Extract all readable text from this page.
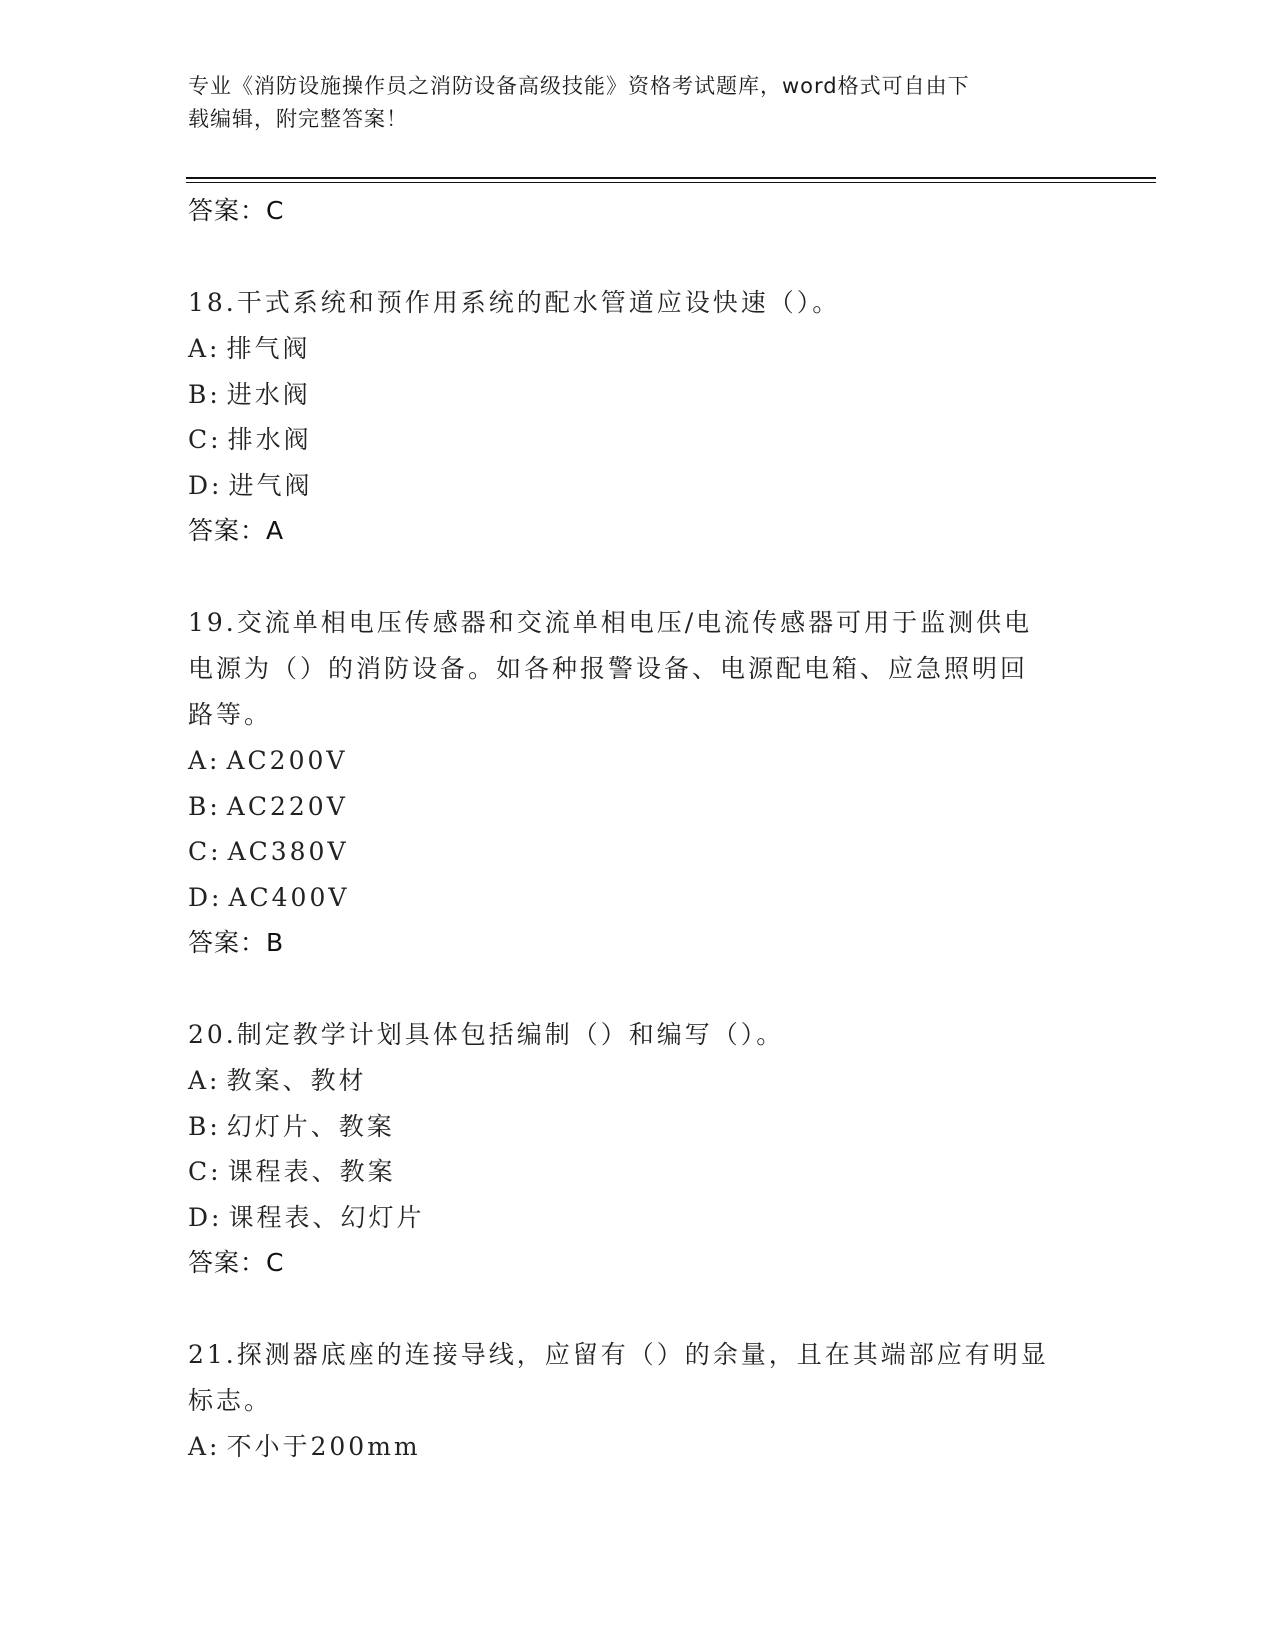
专业《消防设施操作员之消防设备高级技能》资格考试题库，word格式可自由下
载编辑，附完整答案！
答案：C
18.干式系统和预作用系统的配水管道应设快速（）。
A: 排气阀
B: 进水阀
C: 排水阀
D: 进气阀
答案：A
19.交流单相电压传感器和交流单相电压/电流传感器可用于监测供电
电源为（）的消防设备。如各种报警设备、电源配电箱、应急照明回
路等。
A: AC200V
B: AC220V
C: AC380V
D: AC400V
答案：B
20.制定教学计划具体包括编制（）和编写（）。
A: 教案、教材
B: 幻灯片、教案
C: 课程表、教案
D: 课程表、幻灯片
答案：C
21.探测器底座的连接导线，应留有（）的余量，且在其端部应有明显
标志。
A: 不小于200mm
